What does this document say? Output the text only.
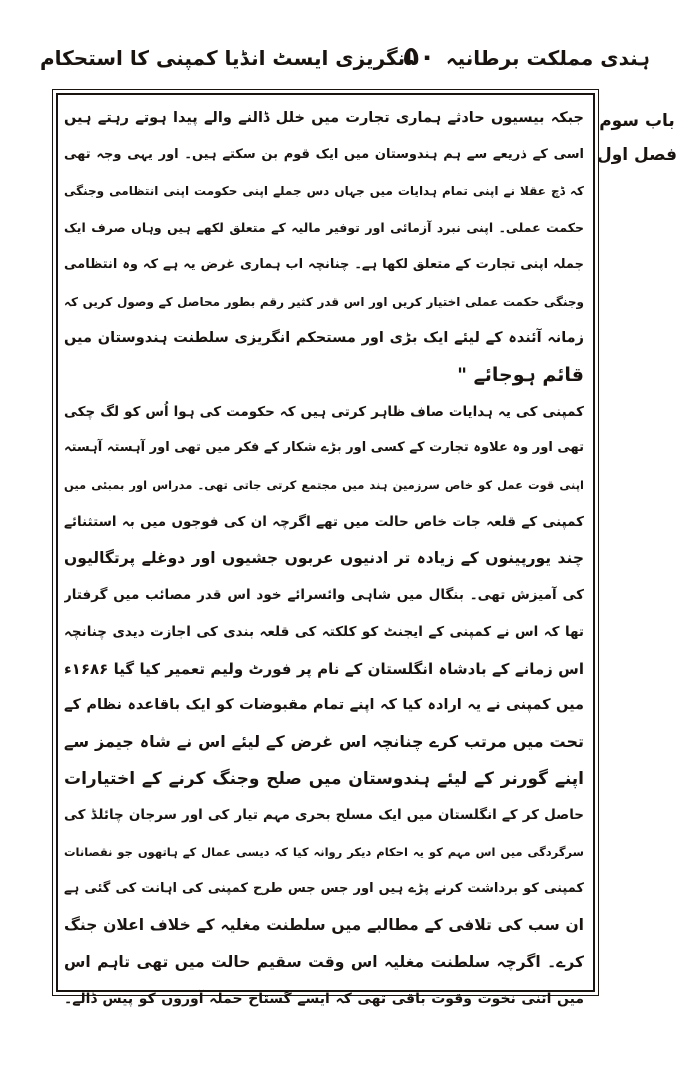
ہندی مملکت برطانیہ
۵۰
انگریزی ایسٹ انڈیا کمپنی کا استحکام
باب سوم
فصل اول
جبکہ بیسیوں حادثے ہماری تجارت میں خلل ڈالنے والے پیدا ہوتے رہتے ہیں
اسی کے ذریعے سے ہم ہندوستان میں ایک قوم بن سکتے ہیں۔ اور یہی وجہ تھی
کہ ڈچ عقلا نے اپنی تمام ہدایات میں جہاں دس جملے اپنی حکومت اپنی انتظامی وجنگی
حکمت عملی۔ اپنی نبرد آزمائی اور توفیر مالیہ کے متعلق لکھے ہیں وہاں صرف ایک
جملہ اپنی تجارت کے متعلق لکھا ہے۔ چنانچہ اب ہماری غرض یہ ہے کہ وہ انتظامی
وجنگی حکمت عملی اختیار کریں اور اس قدر کثیر رقم بطور محاصل کے وصول کریں کہ
زمانہ آئندہ کے لیئے ایک بڑی اور مستحکم انگریزی سلطنت ہندوستان میں
قائم ہوجائے "
کمپنی کی یہ ہدایات صاف ظاہر کرتی ہیں کہ حکومت کی ہوا اُس کو لگ چکی
تھی اور وہ علاوہ تجارت کے کسی اور بڑے شکار کے فکر میں تھی اور آہستہ آہستہ
اپنی قوت عمل کو خاص سرزمین ہند میں مجتمع کرتی جاتی تھی۔ مدراس اور بمبئی میں
کمپنی کے قلعہ جات خاص حالت میں تھے اگرچہ ان کی فوجوں میں بہ استثنائے
چند یورپینوں کے زیادہ تر ادنیوں عربوں جشیوں اور دوغلے پرتگالیوں
کی آمیزش تھی۔ بنگال میں شاہی وائسرائے خود اس قدر مصائب میں گرفتار
تھا کہ اس نے کمپنی کے ایجنٹ کو کلکتہ کی قلعہ بندی کی اجازت دیدی چنانچہ
اس زمانے کے بادشاہ انگلستان کے نام پر فورٹ ولیم تعمیر کیا گیا ۱۶۸۶ء
میں کمپنی نے یہ ارادہ کیا کہ اپنے تمام مقبوضات کو ایک باقاعدہ نظام کے
تحت میں مرتب کرے چنانچہ اس غرض کے لیئے اس نے شاہ جیمز سے
اپنے گورنر کے لیئے ہندوستان میں صلح وجنگ کرنے کے اختیارات
حاصل کر کے انگلستان میں ایک مسلح بحری مہم تیار کی اور سرجان چائلڈ کی
سرگردگی میں اس مہم کو یہ احکام دیکر روانہ کیا کہ دیسی عمال کے ہاتھوں جو نقصانات
کمپنی کو برداشت کرنے پڑے ہیں اور جس جس طرح کمپنی کی اہانت کی گئی ہے
ان سب کی تلافی کے مطالبے میں سلطنت مغلیہ کے خلاف اعلان جنگ
کرے۔ اگرچہ سلطنت مغلیہ اس وقت سقیم حالت میں تھی تاہم اس
میں اتنی نخوت وقوت باقی تھی کہ ایسے گستاخ حملہ آوروں کو پیس ڈالے۔
